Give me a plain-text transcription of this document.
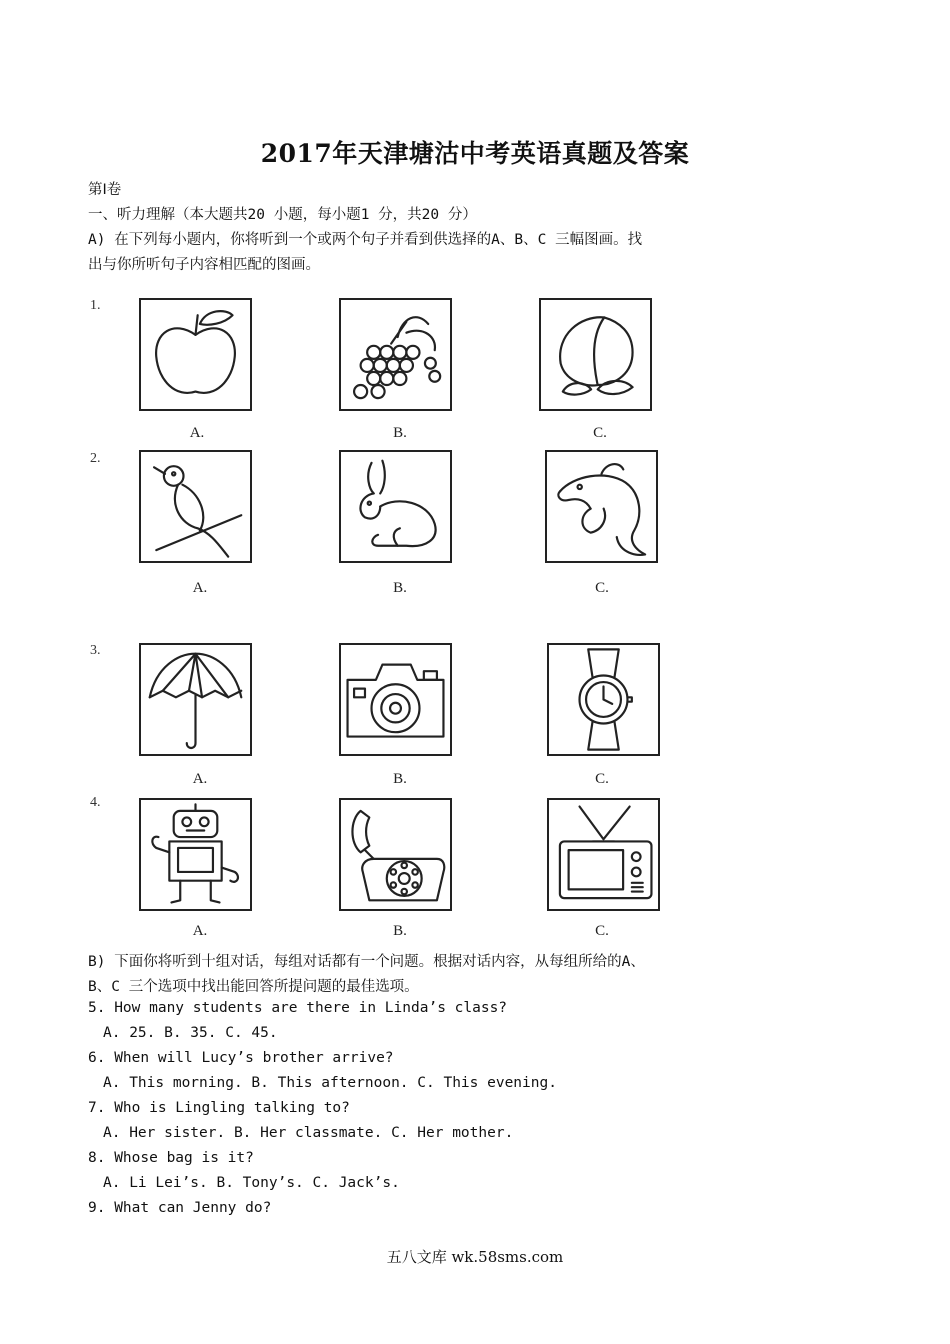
2017年天津塘沽中考英语真题及答案
第Ⅰ卷
一、听力理解（本大题共20 小题，每小题1 分，共20 分）
A) 在下列每小题内，你将听到一个或两个句子并看到供选择的A、B、C 三幅图画。找
出与你所听句子内容相匹配的图画。
1.
A.	B.	C.
2.
A.	B.	C.
3.
A.	B.	C.
4.
A.	B.	C.
B) 下面你将听到十组对话，每组对话都有一个问题。根据对话内容，从每组所给的A、
B、C 三个选项中找出能回答所提问题的最佳选项。
5. How many students are there in Linda’s class?
A. 25. B. 35. C. 45.
6. When will Lucy’s brother arrive?
A. This morning. B. This afternoon. C. This evening.
7. Who is Lingling talking to?
A. Her sister. B. Her classmate. C. Her mother.
8. Whose bag is it?
A. Li Lei’s. B. Tony’s. C. Jack’s.
9. What can Jenny do?
五八文库 wk.58sms.com
